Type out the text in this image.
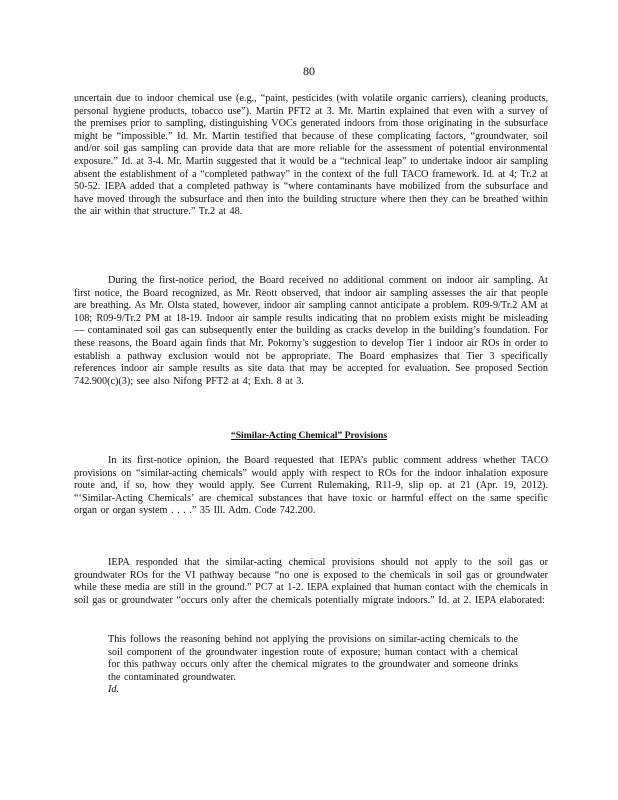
80
uncertain due to indoor chemical use (e.g., “paint, pesticides (with volatile organic carriers), cleaning products, personal hygiene products, tobacco use”). Martin PFT2 at 3. Mr. Martin explained that even with a survey of the premises prior to sampling, distinguishing VOCs generated indoors from those originating in the subsurface might be “impossible.” Id. Mr. Martin testified that because of these complicating factors, “groundwater, soil and/or soil gas sampling can provide data that are more reliable for the assessment of potential environmental exposure.” Id. at 3-4. Mr. Martin suggested that it would be a “technical leap” to undertake indoor air sampling absent the establishment of a “completed pathway” in the context of the full TACO framework. Id. at 4; Tr.2 at 50-52. IEPA added that a completed pathway is “where contaminants have mobilized from the subsurface and have moved through the subsurface and then into the building structure where then they can be breathed within the air within that structure.” Tr.2 at 48.
During the first-notice period, the Board received no additional comment on indoor air sampling. At first notice, the Board recognized, as Mr. Reott observed, that indoor air sampling assesses the air that people are breathing. As Mr. Olsta stated, however, indoor air sampling cannot anticipate a problem. R09-9/Tr.2 AM at 108; R09-9/Tr.2 PM at 18-19. Indoor air sample results indicating that no problem exists might be misleading — contaminated soil gas can subsequently enter the building as cracks develop in the building’s foundation. For these reasons, the Board again finds that Mr. Pokorny’s suggestion to develop Tier 1 indoor air ROs in order to establish a pathway exclusion would not be appropriate. The Board emphasizes that Tier 3 specifically references indoor air sample results as site data that may be accepted for evaluation. See proposed Section 742.900(c)(3); see also Nifong PFT2 at 4; Exh. 8 at 3.
“Similar-Acting Chemical” Provisions
In its first-notice opinion, the Board requested that IEPA’s public comment address whether TACO provisions on “similar-acting chemicals” would apply with respect to ROs for the indoor inhalation exposure route and, if so, how they would apply. See Current Rulemaking, R11-9, slip op. at 21 (Apr. 19, 2012). “‘Similar-Acting Chemicals’ are chemical substances that have toxic or harmful effect on the same specific organ or organ system . . . .” 35 Ill. Adm. Code 742.200.
IEPA responded that the similar-acting chemical provisions should not apply to the soil gas or groundwater ROs for the VI pathway because “no one is exposed to the chemicals in soil gas or groundwater while these media are still in the ground.” PC7 at 1-2. IEPA explained that human contact with the chemicals in soil gas or groundwater “occurs only after the chemicals potentially migrate indoors.” Id. at 2. IEPA elaborated:
This follows the reasoning behind not applying the provisions on similar-acting chemicals to the soil component of the groundwater ingestion route of exposure; human contact with a chemical for this pathway occurs only after the chemical migrates to the groundwater and someone drinks the contaminated groundwater.
Id.
